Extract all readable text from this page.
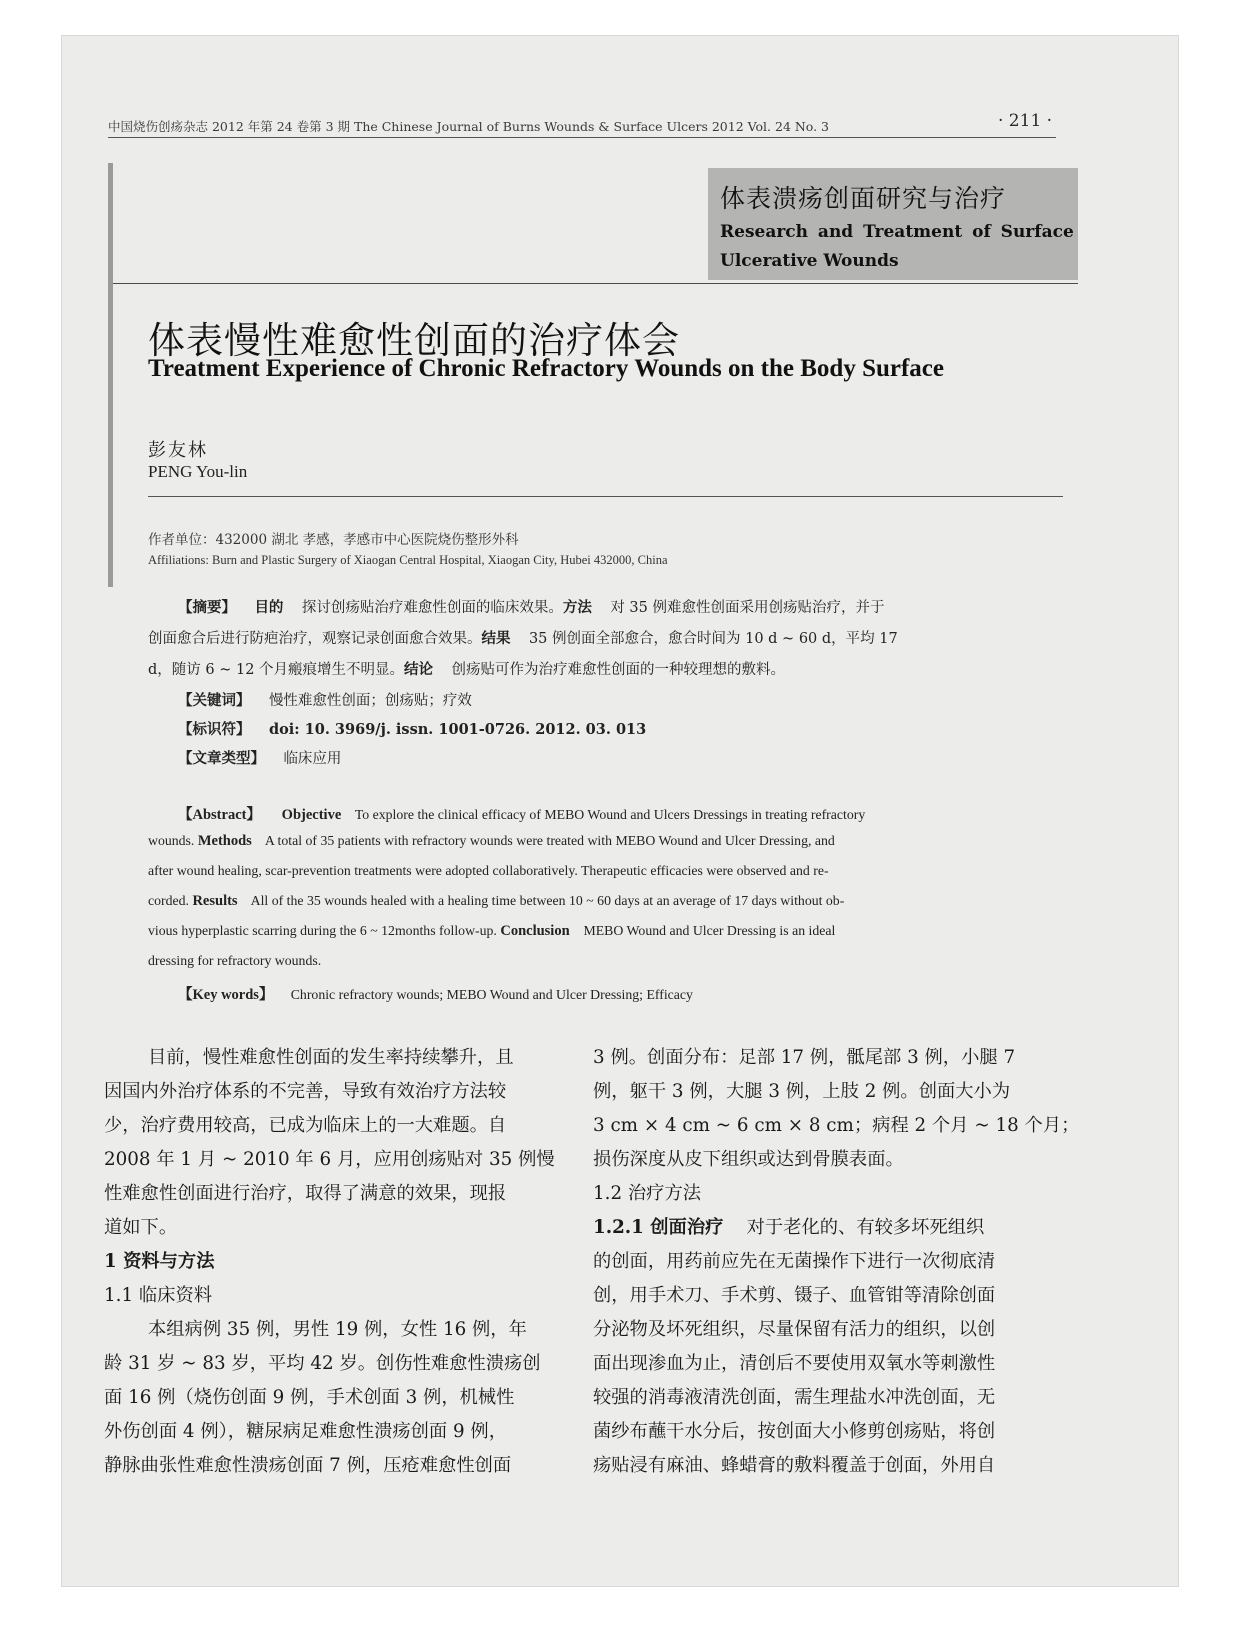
中国烧伤创疡杂志 2012 年第 24 卷第 3 期 The Chinese Journal of Burns Wounds & Surface Ulcers 2012 Vol. 24 No. 3	· 211 ·
体表溃疡创面研究与治疗
Research and Treatment of Surface
Ulcerative Wounds
体表慢性难愈性创面的治疗体会
Treatment Experience of Chronic Refractory Wounds on the Body Surface
彭友林
PENG You-lin
作者单位：432000 湖北 孝感，孝感市中心医院烧伤整形外科
Affiliations: Burn and Plastic Surgery of Xiaogan Central Hospital, Xiaogan City, Hubei 432000, China
【摘要】 目的 探讨创疡贴治疗难愈性创面的临床效果。方法 对 35 例难愈性创面采用创疡贴治疗，并于
创面愈合后进行防疤治疗，观察记录创面愈合效果。结果 35 例创面全部愈合，愈合时间为 10 d ~ 60 d，平均 17
d，随访 6 ~ 12 个月瘢痕增生不明显。结论 创疡贴可作为治疗难愈性创面的一种较理想的敷料。
【关键词】 慢性难愈性创面；创疡贴；疗效
【标识符】 doi: 10. 3969/j. issn. 1001-0726. 2012. 03. 013
【文章类型】 临床应用
【Abstract】 Objective To explore the clinical efficacy of MEBO Wound and Ulcers Dressings in treating refractory
wounds. Methods A total of 35 patients with refractory wounds were treated with MEBO Wound and Ulcer Dressing, and
after wound healing, scar-prevention treatments were adopted collaboratively. Therapeutic efficacies were observed and re-
corded. Results All of the 35 wounds healed with a healing time between 10 ~ 60 days at an average of 17 days without ob-
vious hyperplastic scarring during the 6 ~ 12months follow-up. Conclusion MEBO Wound and Ulcer Dressing is an ideal
dressing for refractory wounds.
【Key words】 Chronic refractory wounds; MEBO Wound and Ulcer Dressing; Efficacy
目前，慢性难愈性创面的发生率持续攀升，且
因国内外治疗体系的不完善，导致有效治疗方法较
少，治疗费用较高，已成为临床上的一大难题。自
2008 年 1 月 ~ 2010 年 6 月，应用创疡贴对 35 例慢
性难愈性创面进行治疗，取得了满意的效果，现报
道如下。
1 资料与方法
1.1 临床资料
本组病例 35 例，男性 19 例，女性 16 例，年
龄 31 岁 ~ 83 岁，平均 42 岁。创伤性难愈性溃疡创
面 16 例（烧伤创面 9 例，手术创面 3 例，机械性
外伤创面 4 例），糖尿病足难愈性溃疡创面 9 例，
静脉曲张性难愈性溃疡创面 7 例，压疮难愈性创面
3 例。创面分布：足部 17 例，骶尾部 3 例，小腿 7
例，躯干 3 例，大腿 3 例，上肢 2 例。创面大小为
3 cm × 4 cm ~ 6 cm × 8 cm；病程 2 个月 ~ 18 个月；
损伤深度从皮下组织或达到骨膜表面。
1.2 治疗方法
1.2.1 创面治疗 对于老化的、有较多坏死组织
的创面，用药前应先在无菌操作下进行一次彻底清
创，用手术刀、手术剪、镊子、血管钳等清除创面
分泌物及坏死组织，尽量保留有活力的组织，以创
面出现渗血为止，清创后不要使用双氧水等刺激性
较强的消毒液清洗创面，需生理盐水冲洗创面，无
菌纱布蘸干水分后，按创面大小修剪创疡贴，将创
疡贴浸有麻油、蜂蜡膏的敷料覆盖于创面，外用自
